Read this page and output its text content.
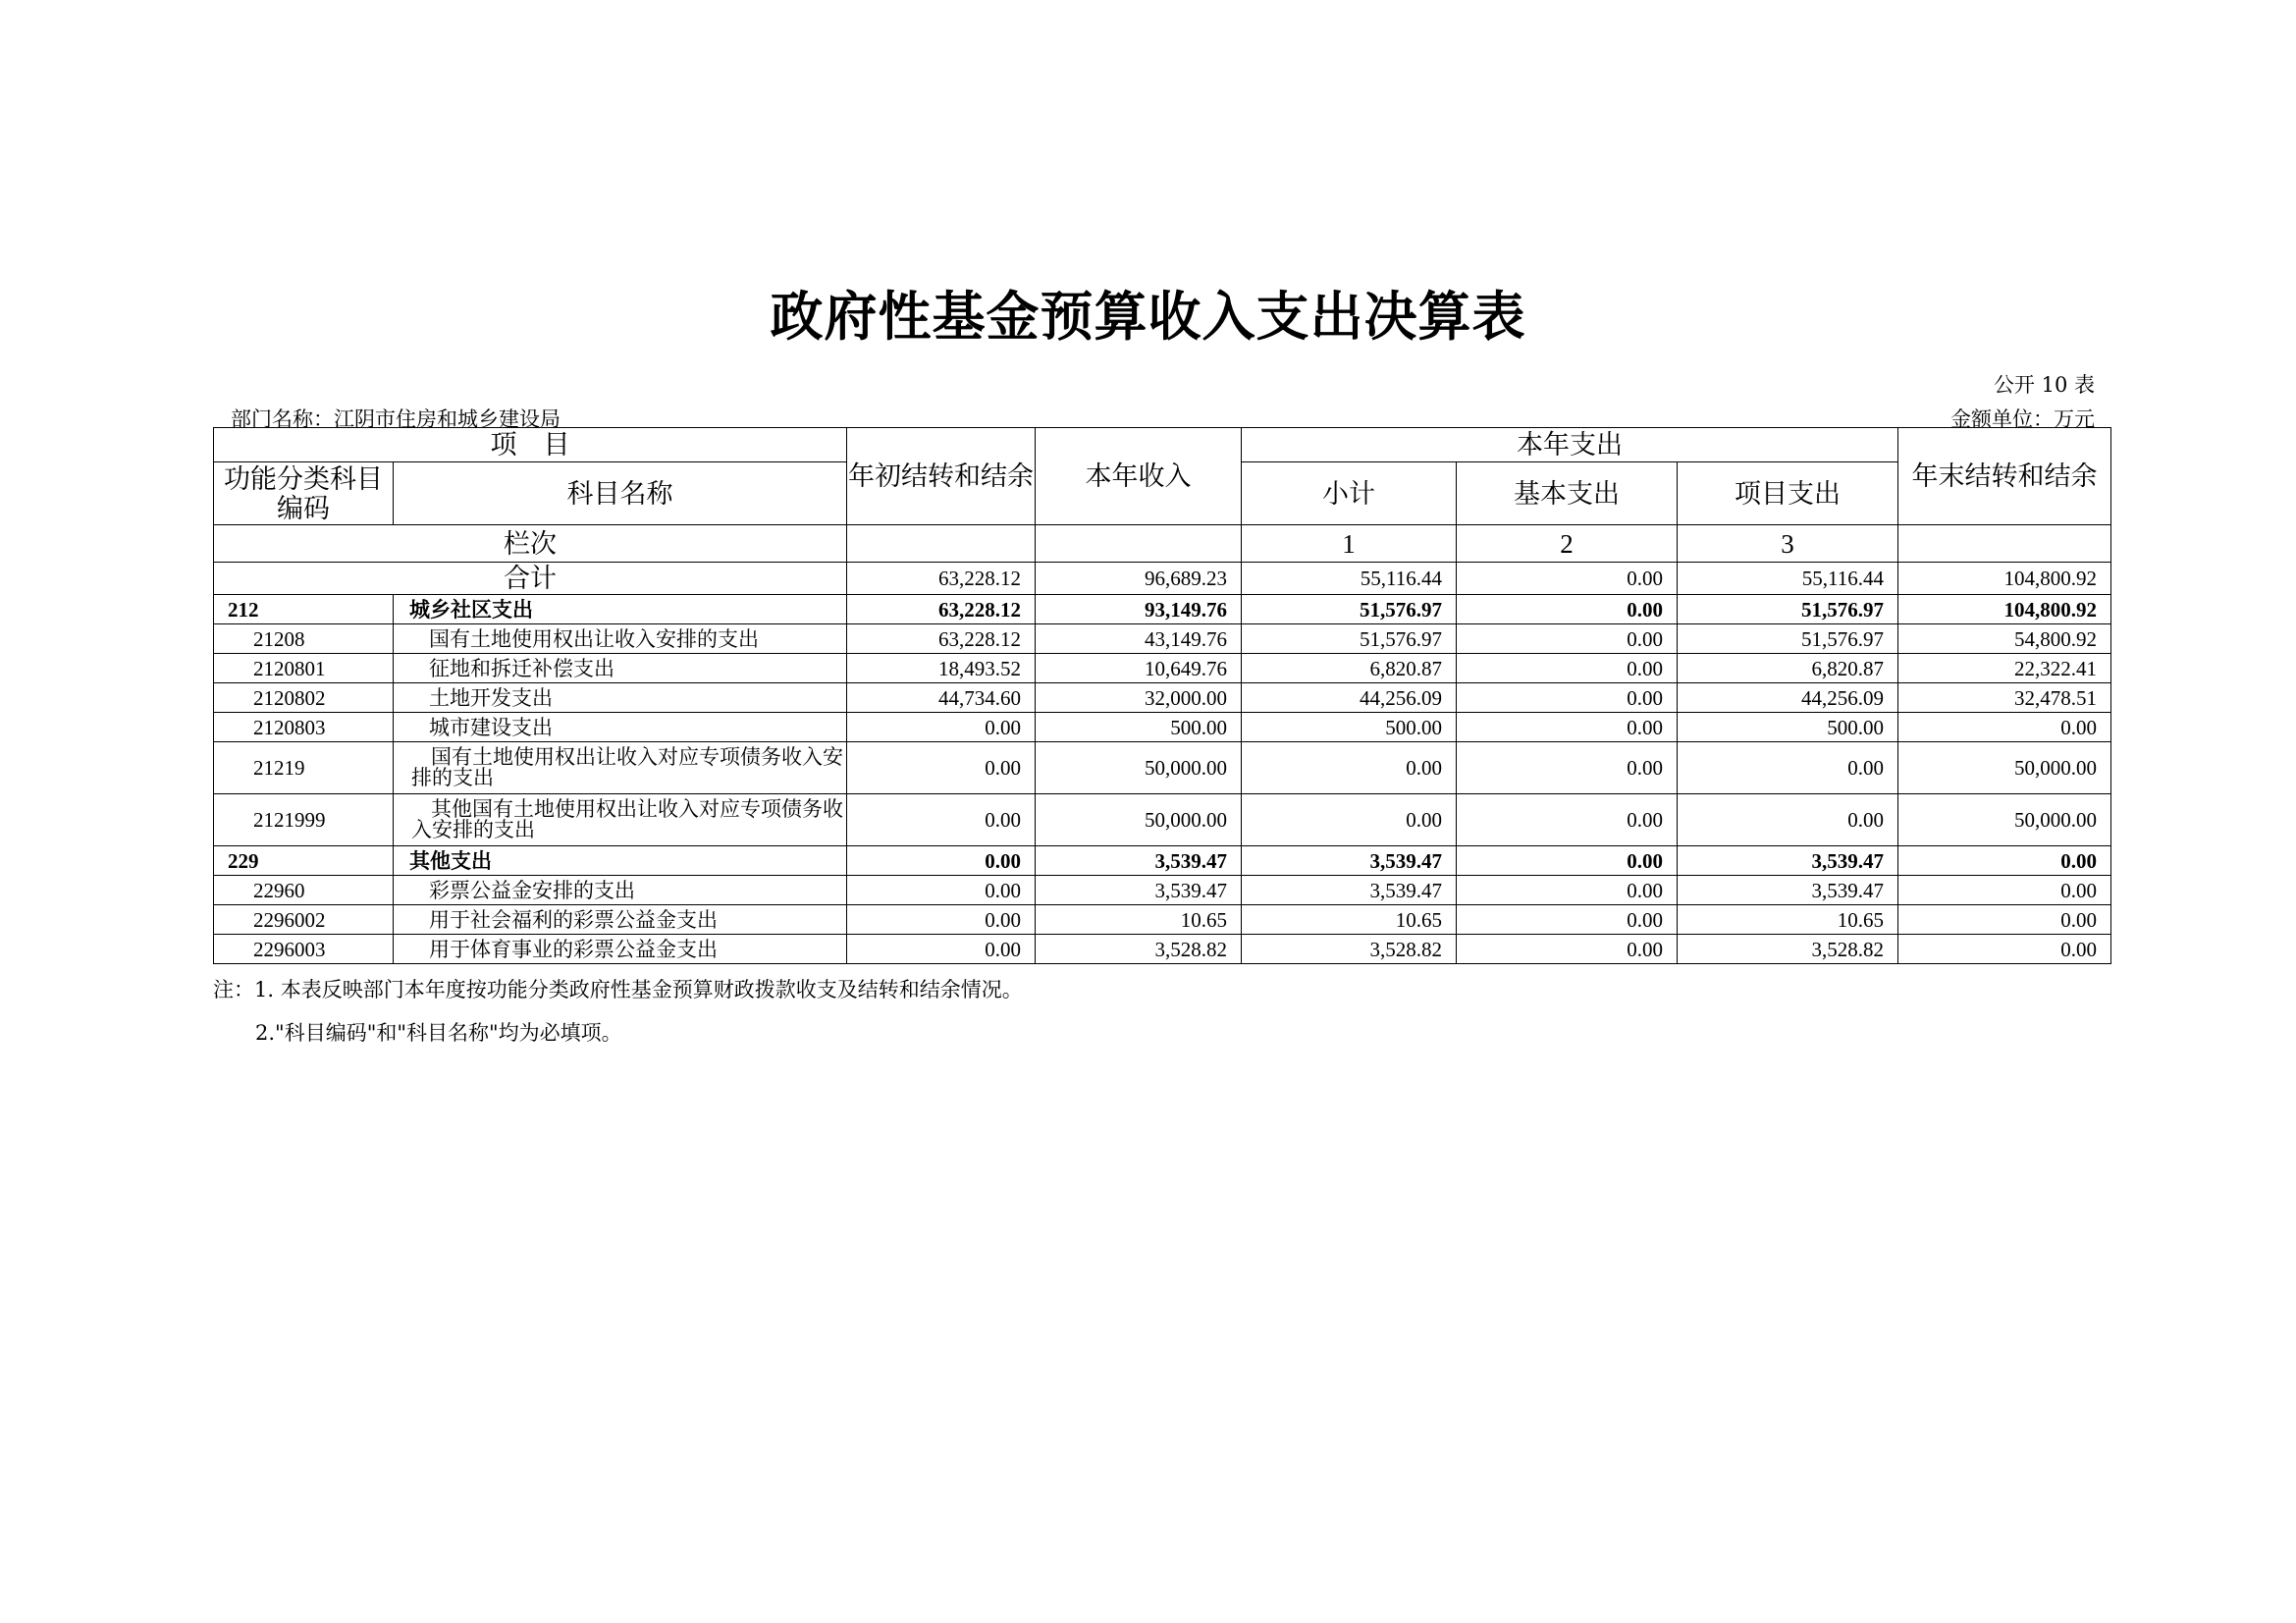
政府性基金预算收入支出决算表
公开 10 表
部门名称：江阴市住房和城乡建设局	金额单位：万元
项    目		年初结转和结余	本年收入	本年支出			年末结转和结余
功能分类科目编码	科目名称			小计	基本支出	项目支出	
栏次				1	2	3	
合计		63,228.12	96,689.23	55,116.44	0.00	55,116.44	104,800.92
212	城乡社区支出	63,228.12	93,149.76	51,576.97	0.00	51,576.97	104,800.92
21208	国有土地使用权出让收入安排的支出	63,228.12	43,149.76	51,576.97	0.00	51,576.97	54,800.92
2120801	征地和拆迁补偿支出	18,493.52	10,649.76	6,820.87	0.00	6,820.87	22,322.41
2120802	土地开发支出	44,734.60	32,000.00	44,256.09	0.00	44,256.09	32,478.51
2120803	城市建设支出	0.00	500.00	500.00	0.00	500.00	0.00
21219	国有土地使用权出让收入对应专项债务收入安排的支出	0.00	50,000.00	0.00	0.00	0.00	50,000.00
2121999	其他国有土地使用权出让收入对应专项债务收入安排的支出	0.00	50,000.00	0.00	0.00	0.00	50,000.00
229	其他支出	0.00	3,539.47	3,539.47	0.00	3,539.47	0.00
22960	彩票公益金安排的支出	0.00	3,539.47	3,539.47	0.00	3,539.47	0.00
2296002	用于社会福利的彩票公益金支出	0.00	10.65	10.65	0.00	10.65	0.00
2296003	用于体育事业的彩票公益金支出	0.00	3,528.82	3,528.82	0.00	3,528.82	0.00
注：1. 本表反映部门本年度按功能分类政府性基金预算财政拨款收支及结转和结余情况。
2."科目编码"和"科目名称"均为必填项。
